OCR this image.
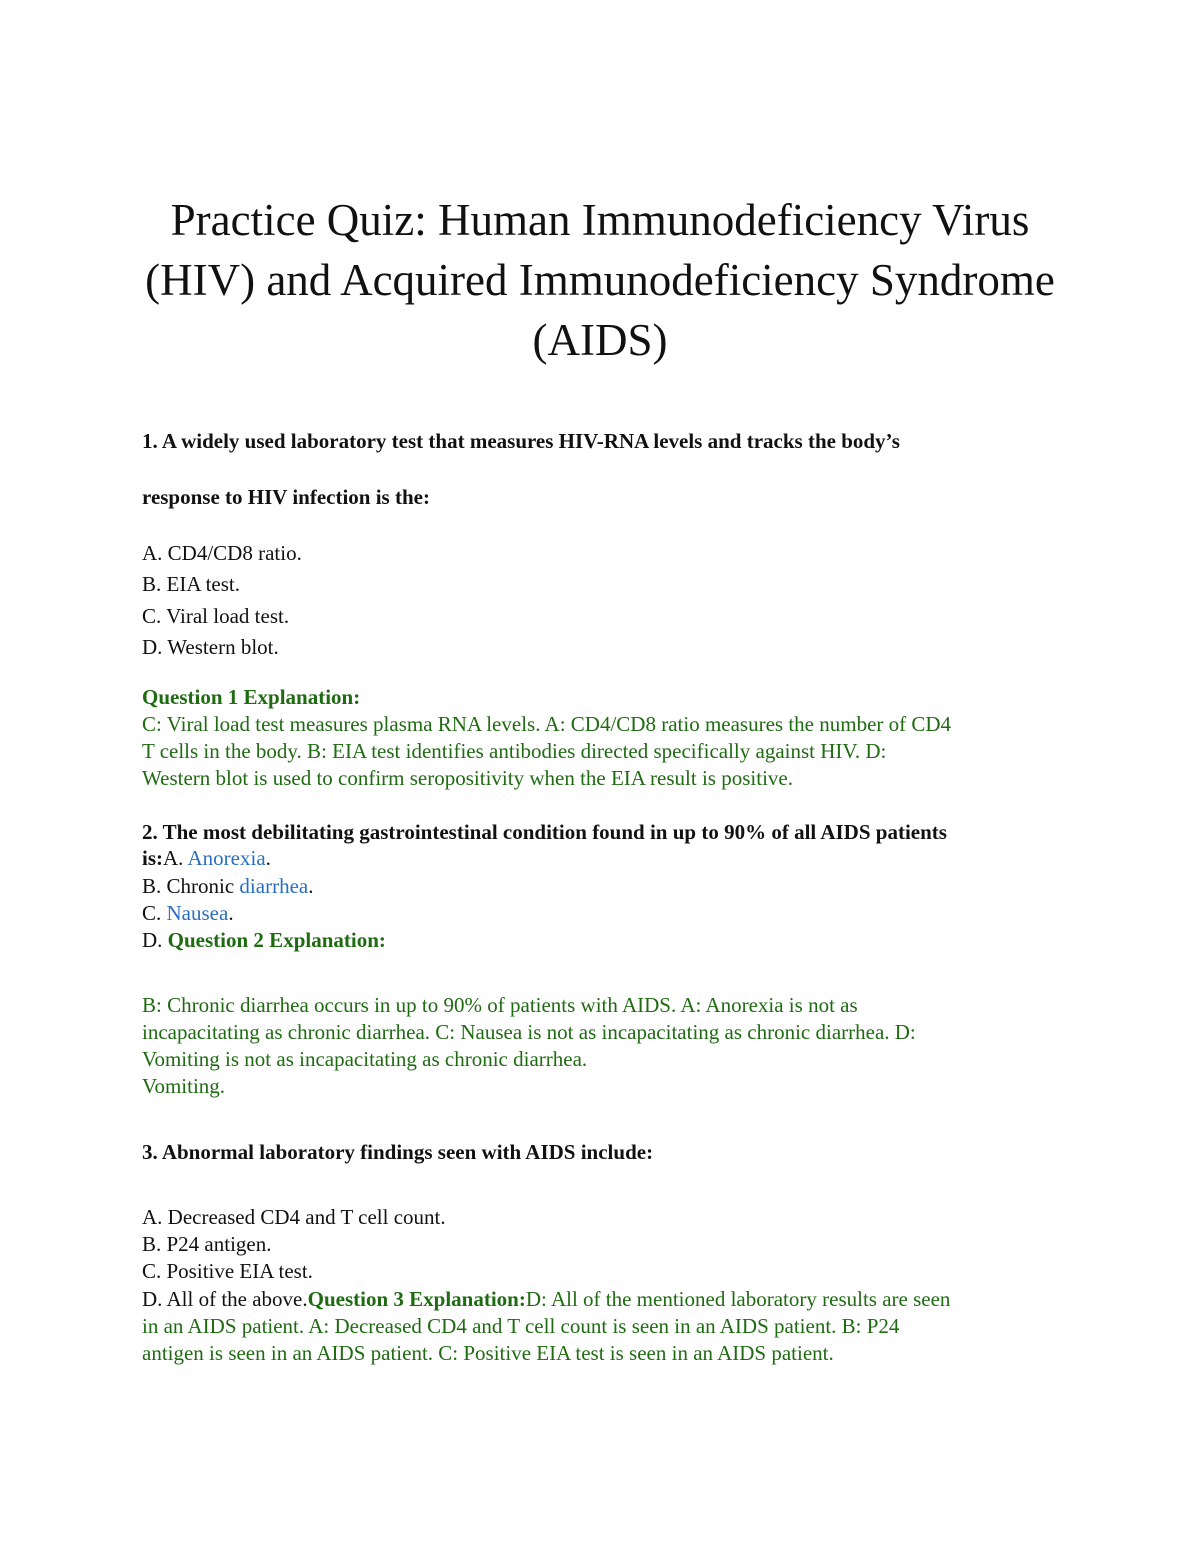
Practice Quiz: Human Immunodeficiency Virus
(HIV) and Acquired Immunodeficiency Syndrome
(AIDS)
1. A widely used laboratory test that measures HIV-RNA levels and tracks the body’s
response to HIV infection is the:
A. CD4/CD8 ratio.
B. EIA test.
C. Viral load test.
D. Western blot.
Question 1 Explanation:
C: Viral load test measures plasma RNA levels. A: CD4/CD8 ratio measures the number of CD4
T cells in the body. B: EIA test identifies antibodies directed specifically against HIV. D:
Western blot is used to confirm seropositivity when the EIA result is positive.
2. The most debilitating gastrointestinal condition found in up to 90% of all AIDS patients
is:A. Anorexia.
B. Chronic diarrhea.
C. Nausea.
D. Question 2 Explanation:
B: Chronic diarrhea occurs in up to 90% of patients with AIDS. A: Anorexia is not as
incapacitating as chronic diarrhea. C: Nausea is not as incapacitating as chronic diarrhea. D:
Vomiting is not as incapacitating as chronic diarrhea.
Vomiting.
3. Abnormal laboratory findings seen with AIDS include:
A. Decreased CD4 and T cell count.
B. P24 antigen.
C. Positive EIA test.
D. All of the above.Question 3 Explanation:D: All of the mentioned laboratory results are seen
in an AIDS patient. A: Decreased CD4 and T cell count is seen in an AIDS patient. B: P24
antigen is seen in an AIDS patient. C: Positive EIA test is seen in an AIDS patient.
